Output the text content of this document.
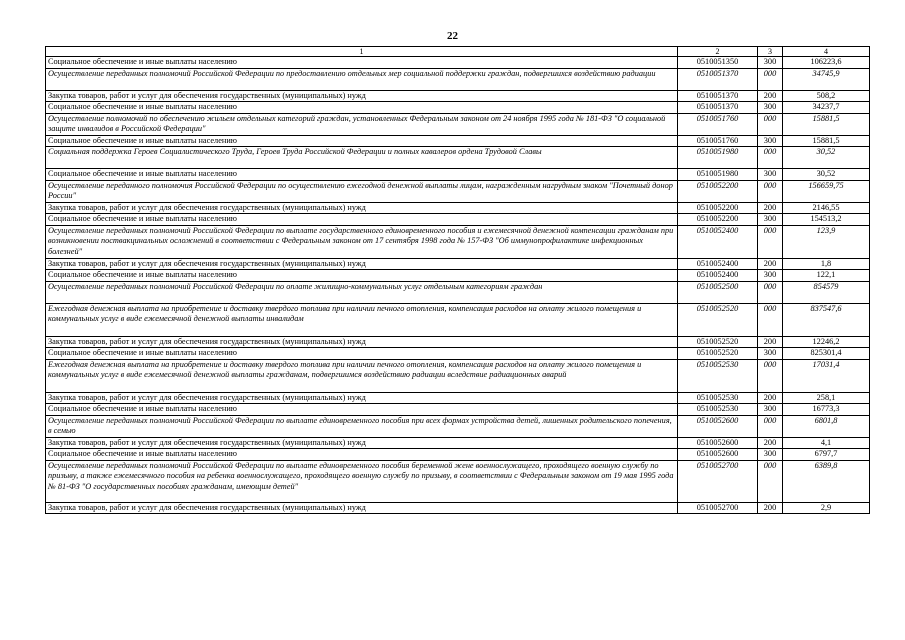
22
1	2	3	4
Социальное обеспечение и иные выплаты населению	0510051350	300	106223,6
Осуществление переданных полномочий Российской Федерации по предоставлению отдельных мер социальной поддержки граждан, подвергшихся воздействию радиации	0510051370	000	34745,9
Закупка товаров, работ и услуг для обеспечения государственных (муниципальных) нужд	0510051370	200	508,2
Социальное обеспечение и иные выплаты населению	0510051370	300	34237,7
Осуществление полномочий по обеспечению жильем отдельных категорий граждан, установленных Федеральным законом от 24 ноября 1995 года № 181-ФЗ "О социальной защите инвалидов в Российской Федерации"	0510051760	000	15881,5
Социальное обеспечение и иные выплаты населению	0510051760	300	15881,5
Социальная поддержка Героев Социалистического Труда, Героев Труда Российской Федерации и полных кавалеров ордена Трудовой Славы	0510051980	000	30,52
Социальное обеспечение и иные выплаты населению	0510051980	300	30,52
Осуществление переданного полномочия Российской Федерации по осуществлению ежегодной денежной выплаты лицам, награжденным нагрудным знаком "Почетный донор России"	0510052200	000	156659,75
Закупка товаров, работ и услуг для обеспечения государственных (муниципальных) нужд	0510052200	200	2146,55
Социальное обеспечение и иные выплаты населению	0510052200	300	154513,2
Осуществление переданных полномочий Российской Федерации по выплате государственного единовременного пособия и ежемесячной денежной компенсации гражданам при возникновении поствакцинальных осложнений в соответствии с Федеральным законом от 17 сентября 1998 года № 157-ФЗ "Об иммунопрофилактике инфекционных болезней"	0510052400	000	123,9
Закупка товаров, работ и услуг для обеспечения государственных (муниципальных) нужд	0510052400	200	1,8
Социальное обеспечение и иные выплаты населению	0510052400	300	122,1
Осуществление переданных полномочий Российской Федерации по оплате жилищно-коммунальных услуг отдельным категориям граждан	0510052500	000	854579
Ежегодная денежная выплата на приобретение и доставку твердого топлива при наличии печного отопления, компенсация расходов на оплату жилого помещения и коммунальных услуг в виде ежемесячной денежной выплаты инвалидам	0510052520	000	837547,6
Закупка товаров, работ и услуг для обеспечения государственных (муниципальных) нужд	0510052520	200	12246,2
Социальное обеспечение и иные выплаты населению	0510052520	300	825301,4
Ежегодная денежная выплата на приобретение и доставку твердого топлива при наличии печного отопления, компенсация расходов на оплату жилого помещения и коммунальных услуг в виде ежемесячной денежной выплаты гражданам, подвергшимся воздействию радиации вследствие радиационных аварий	0510052530	000	17031,4
Закупка товаров, работ и услуг для обеспечения государственных (муниципальных) нужд	0510052530	200	258,1
Социальное обеспечение и иные выплаты населению	0510052530	300	16773,3
Осуществление переданных полномочий Российской Федерации по выплате единовременного пособия при всех формах устройства детей, лишенных родительского попечения, в семью	0510052600	000	6801,8
Закупка товаров, работ и услуг для обеспечения государственных (муниципальных) нужд	0510052600	200	4,1
Социальное обеспечение и иные выплаты населению	0510052600	300	6797,7
Осуществление переданных полномочий Российской Федерации по выплате единовременного пособия беременной жене военнослужащего, проходящего военную службу по призыву, а также ежемесячного пособия на ребенка военнослужащего, проходящего военную службу по призыву, в соответствии с Федеральным законом от 19 мая 1995 года № 81-ФЗ "О государственных пособиях гражданам, имеющим детей"	0510052700	000	6389,8
Закупка товаров, работ и услуг для обеспечения государственных (муниципальных) нужд	0510052700	200	2,9
